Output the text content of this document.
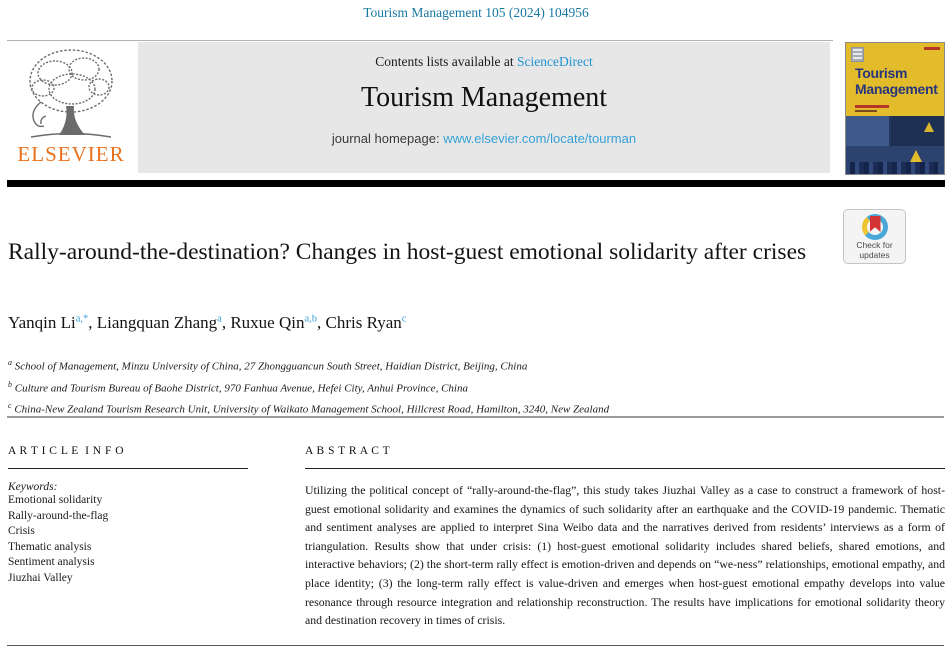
Tourism Management 105 (2024) 104956
ELSEVIER
Contents lists available at ScienceDirect
Tourism Management
journal homepage: www.elsevier.com/locate/tourman
Tourism
Management
Check for
updates
Rally-around-the-destination? Changes in host-guest emotional solidarity after crises
Yanqin $Li^{a,*}$, Liangquan Zhang$^a$, Ruxue Qin$^{a,b}$, Chris Ryan$^c$
$^a$ School of Management, Minzu University of China, 27 Zhongguancun South Street, Haidian District, Beijing, China
$^b$ Culture and Tourism Bureau of Baohe District, 970 Fanhua Avenue, Hefei City, Anhui Province, China
$^c$ China-New Zealand Tourism Research Unit, University of Waikato Management School, Hillcrest Road, Hamilton, 3240, New Zealand
A R T I C L E I N F O
Keywords:
Emotional solidarity
Rally-around-the-flag
Crisis
Thematic analysis
Sentiment analysis
Jiuzhai Valley
A B S T R A C T
Utilizing the political concept of “rally-around-the-flag”, this study takes Jiuzhai Valley as a case to construct a framework of host-guest emotional solidarity and examines the dynamics of such solidarity after an earthquake and the COVID-19 pandemic. Thematic and sentiment analyses are applied to interpret Sina Weibo data and the narratives derived from residents’ interviews as a form of triangulation. Results show that under crisis: (1) host-guest emotional solidarity includes shared beliefs, shared emotions, and interactive behaviors; (2) the short-term rally effect is emotion-driven and depends on “we-ness” relationships, emotional empathy, and place identity; (3) the long-term rally effect is value-driven and emerges when host-guest emotional empathy develops into value resonance through resource integration and relationship reconstruction. The results have implications for emotional solidarity theory and destination recovery in times of crisis.
